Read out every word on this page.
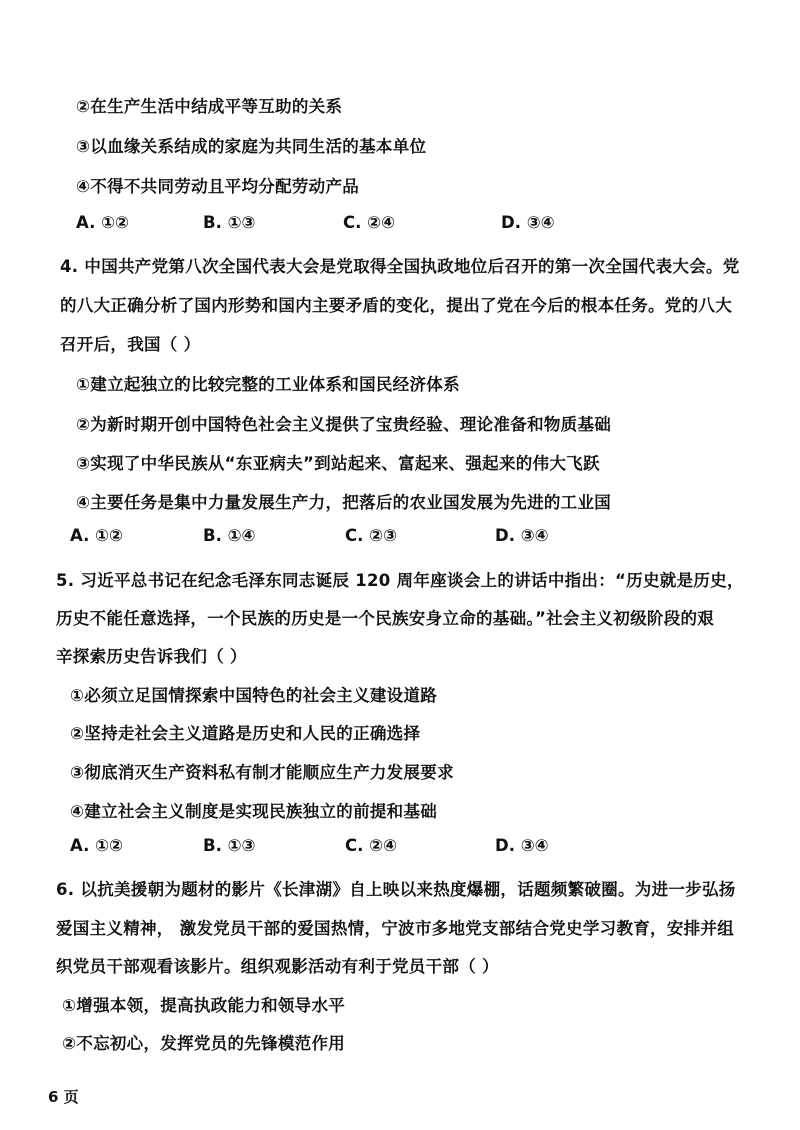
②在生产生活中结成平等互助的关系
③以血缘关系结成的家庭为共同生活的基本单位
④不得不共同劳动且平均分配劳动产品
A. ①②	B. ①③	C. ②④	D. ③④
4. 中国共产党第八次全国代表大会是党取得全国执政地位后召开的第一次全国代表大会。党
的八大正确分析了国内形势和国内主要矛盾的变化，提出了党在今后的根本任务。党的八大
召开后，我国（ ）
①建立起独立的比较完整的工业体系和国民经济体系
②为新时期开创中国特色社会主义提供了宝贵经验、理论准备和物质基础
③实现了中华民族从“东亚病夫”到站起来、富起来、强起来的伟大飞跃
④主要任务是集中力量发展生产力，把落后的农业国发展为先进的工业国
A. ①②	B. ①④	C. ②③	D. ③④
5. 习近平总书记在纪念毛泽东同志诞辰 120 周年座谈会上的讲话中指出：“历史就是历史，
历史不能任意选择，一个民族的历史是一个民族安身立命的基础。”社会主义初级阶段的艰
辛探索历史告诉我们（ ）
①必须立足国情探索中国特色的社会主义建设道路
②坚持走社会主义道路是历史和人民的正确选择
③彻底消灭生产资料私有制才能顺应生产力发展要求
④建立社会主义制度是实现民族独立的前提和基础
A. ①②	B. ①③	C. ②④	D. ③④
6. 以抗美援朝为题材的影片《长津湖》自上映以来热度爆棚，话题频繁破圈。为进一步弘扬
爱国主义精神， 激发党员干部的爱国热情，宁波市多地党支部结合党史学习教育，安排并组
织党员干部观看该影片。组织观影活动有利于党员干部（ ）
①增强本领，提高执政能力和领导水平
②不忘初心，发挥党员的先锋模范作用
6 页
